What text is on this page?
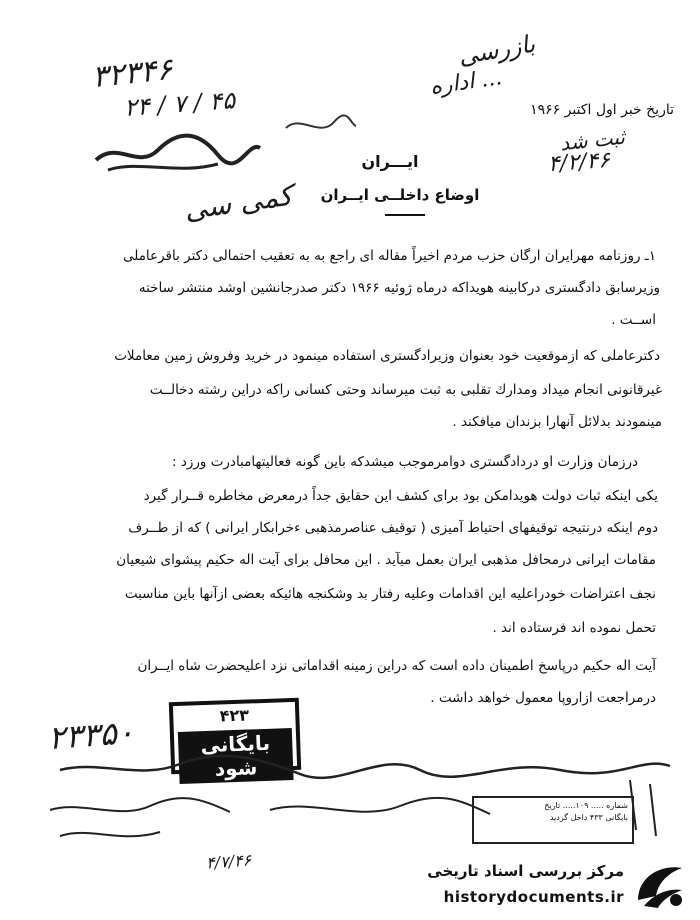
۳۲۳۴۶
۲۴ / ۷ / ۴۵
کمی سی
بازرسی
اداره ...
ثبت شد
۴/۲/۴۶
تاریخ خبر اول اکتبر ۱۹۶۶
ایـــران
اوضاع داخلــی ایــران
۱ـ روزنامه مهرایران ارگان حزب مردم اخیراً مقاله ای راجع به به تعقیب احتمالی دکتر باقرعاملی
وزیرسابق دادگستری درکابینه هویداکه درماه ژوئیه ۱۹۶۶ دکتر صدرجانشین اوشد منتشر ساخته
اســت .
دکترعاملی که ازموقعیت خود بعنوان وزیرادگستری استفاده مینمود در خرید وفروش زمین معاملات
غیرقانونی انجام میداد ومدارك تقلبی به ثبت میرساند وحتی کسانی راکه دراین رشته دخالــت
مینمودند بدلائل آنهارا بزندان میافکند .
درزمان وزارت او دردادگستری دوامرموجب میشدکه باین گونه فعالیتهامبادرت ورزد :
یکی اینکه ثبات دولت هویدامکن بود برای کشف این حقایق جداً درمعرض مخاطره قــرار گیرد
دوم اینکه درنتیجه توقیفهای احتیاط آمیزی ( توقیف عناصرمذهبی ءخرابکار ایرانی ) که از طــرف
مقامات ایرانی درمحافل مذهبی ایران بعمل میآید . این محافل برای آیت اله حکیم پیشوای شیعیان
نجف اعتراضات خودراعلیه این اقدامات وعلیه رفتار بد وشکنجه هائیکه بعضی ازآنها باین مناسبت
تحمل نموده اند فرستاده اند .
آیت اله حکیم درپاسخ اطمینان داده است که دراین زمینه اقداماتی نزد اعلیحضرت شاه ایــران
درمراجعت ازاروپا معمول خواهد داشت .
۴۲۳
بایگانی شود
۲۳۳۵۰
۴/۷/۴۶
شماره ..... ۱۰۹..... تاریخ
بایگانی ۴۳۳ داخل گردید
مرکز بررسی اسناد تاریخی
historydocuments.ir
